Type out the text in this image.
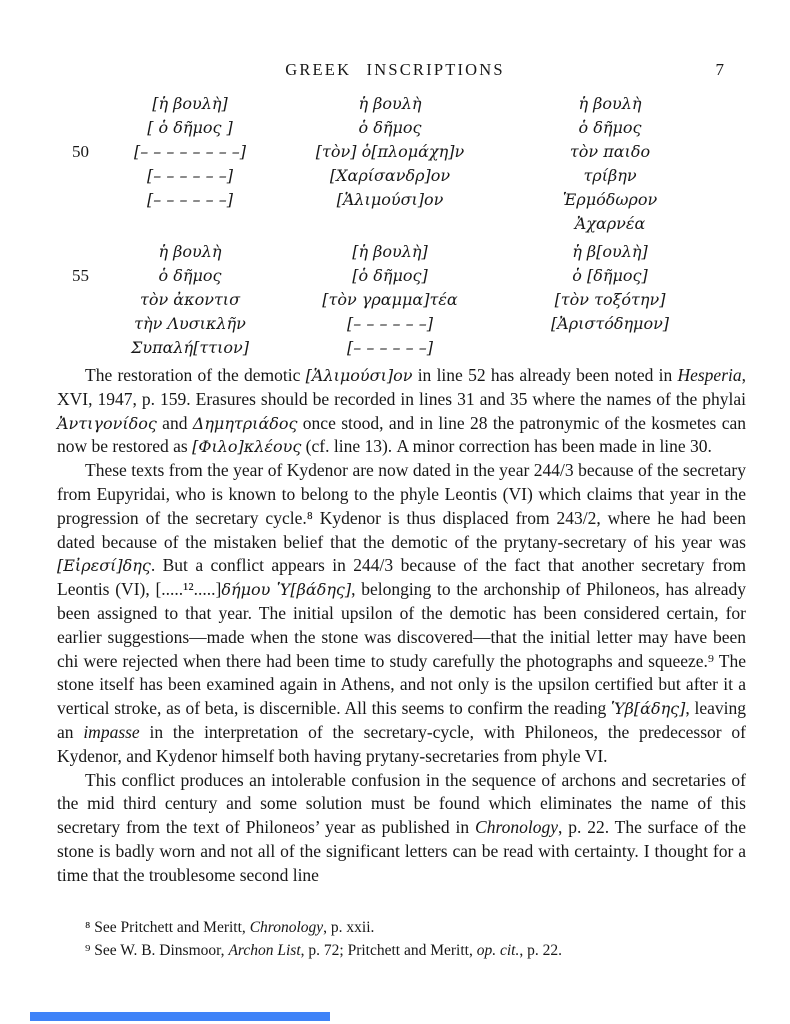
GREEK INSCRIPTIONS	7
50
[ἡ βουλὴ]
[ ὁ δῆμος ]
[– – – – – – – –]
[– – – – – –]
[– – – – – –]
ἡ βουλὴ
ὁ δῆμος
[τὸν] ὁ[πλομάχη]ν
[Χαρίσανδρ]ον
[Ἁλιμούσι]ον
ἡ βουλὴ
ὁ δῆμος
τὸν παιδο
τρίβην
Ἑρμόδωρον
Ἀχαρνέα
55
ἡ βουλὴ
ὁ δῆμος
τὸν ἀκοντισ
τὴν Λυσικλῆν
Συπαλή[ττιον]
[ἡ βουλὴ]
[ὁ δῆμος]
[τὸν γραμμα]τέα
[– – – – – –]
[– – – – – –]
ἡ β[ουλὴ]
ὁ [δῆμος]
[τὸν τοξότην]
[Ἀριστόδημον]

The restoration of the demotic [Ἁλιμούσι]ον in line 52 has already been noted in Hesperia, XVI, 1947, p. 159. Erasures should be recorded in lines 31 and 35 where the names of the phylai Ἀντιγονίδος and Δημητριάδος once stood, and in line 28 the patronymic of the kosmetes can now be restored as [Φιλο]κλέους (cf. line 13). A minor correction has been made in line 30.

These texts from the year of Kydenor are now dated in the year 244/3 because of the secretary from Eupyridai, who is known to belong to the phyle Leontis (VI) which claims that year in the progression of the secretary cycle.⁸ Kydenor is thus displaced from 243/2, where he had been dated because of the mistaken belief that the demotic of the prytany-secretary of his year was [Εἰρεσί]δης. But a conflict appears in 244/3 because of the fact that another secretary from Leontis (VI), [.....¹².....]δήμου Ὑ[βάδης], belonging to the archonship of Philoneos, has already been assigned to that year. The initial upsilon of the demotic has been considered certain, for earlier suggestions—made when the stone was discovered—that the initial letter may have been chi were rejected when there had been time to study carefully the photographs and squeeze.⁹ The stone itself has been examined again in Athens, and not only is the upsilon certified but after it a vertical stroke, as of beta, is discernible. All this seems to confirm the reading Ὑβ[άδης], leaving an impasse in the interpretation of the secretary-cycle, with Philoneos, the predecessor of Kydenor, and Kydenor himself both having prytany-secretaries from phyle VI.

This conflict produces an intolerable confusion in the sequence of archons and secretaries of the mid third century and some solution must be found which eliminates the name of this secretary from the text of Philoneos’ year as published in Chronology, p. 22. The surface of the stone is badly worn and not all of the significant letters can be read with certainty. I thought for a time that the troublesome second line

⁸ See Pritchett and Meritt, Chronology, p. xxii.

⁹ See W. B. Dinsmoor, Archon List, p. 72; Pritchett and Meritt, op. cit., p. 22.
